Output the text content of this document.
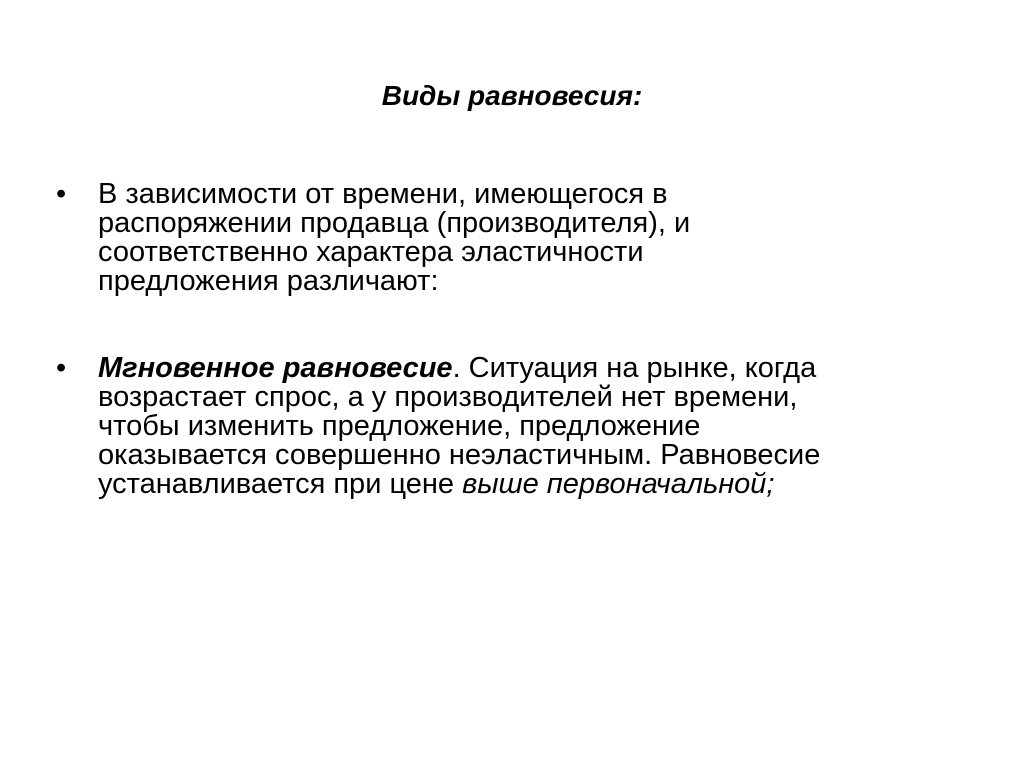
Виды равновесия:
• В зависимости от времени, имеющегося в
распоряжении продавца (производителя), и
соответственно характера эластичности
предложения различают:
• Мгновенное равновесие. Ситуация на рынке, когда
возрастает спрос, а у производителей нет времени,
чтобы изменить предложение, предложение
оказывается совершенно неэластичным. Равновесие
устанавливается при цене выше первоначальной;
